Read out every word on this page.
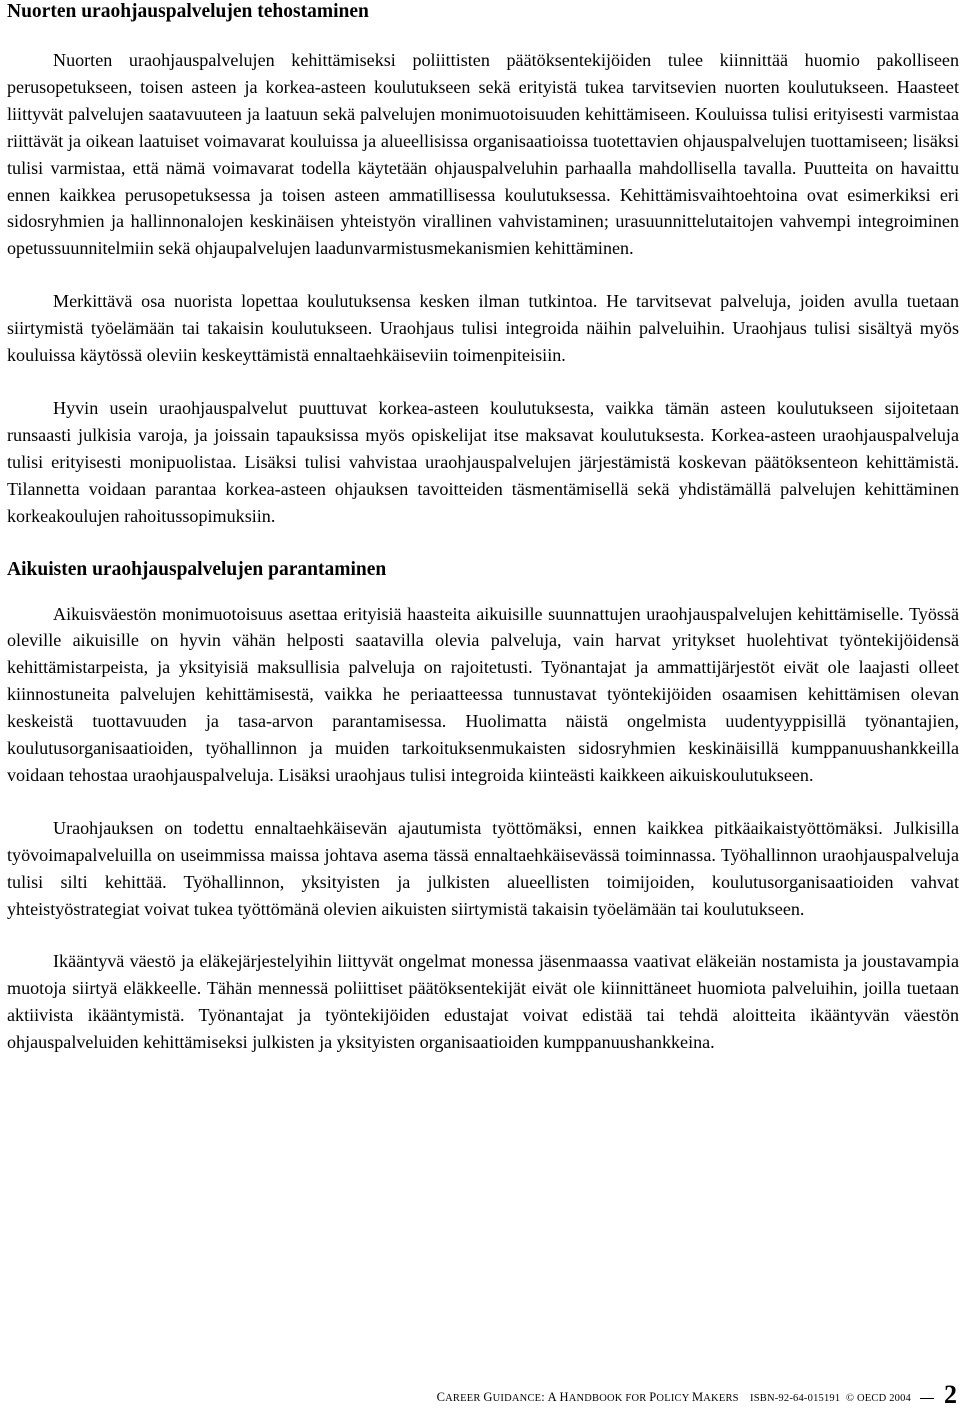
Nuorten uraohjauspalvelujen tehostaminen

Nuorten uraohjauspalvelujen kehittämiseksi poliittisten päätöksentekijöiden tulee kiinnittää huomio pakolliseen perusopetukseen, toisen asteen ja korkea-asteen koulutukseen sekä erityistä tukea tarvitsevien nuorten koulutukseen. Haasteet liittyvät palvelujen saatavuuteen ja laatuun sekä palvelujen monimuotoisuuden kehittämiseen. Kouluissa tulisi erityisesti varmistaa riittävät ja oikean laatuiset voimavarat kouluissa ja alueellisissa organisaatioissa tuotettavien ohjauspalvelujen tuottamiseen; lisäksi tulisi varmistaa, että nämä voimavarat todella käytetään ohjauspalveluhin parhaalla mahdollisella tavalla. Puutteita on havaittu ennen kaikkea perusopetuksessa ja toisen asteen ammatillisessa koulutuksessa. Kehittämisvaihtoehtoina ovat esimerkiksi eri sidosryhmien ja hallinnonalojen keskinäisen yhteistyön virallinen vahvistaminen; urasuunnittelutaitojen vahvempi integroiminen opetussuunnitelmiin sekä ohjaupalvelujen laadunvarmistusmekanismien kehittäminen.

Merkittävä osa nuorista lopettaa koulutuksensa kesken ilman tutkintoa. He tarvitsevat palveluja, joiden avulla tuetaan siirtymistä työelämään tai takaisin koulutukseen. Uraohjaus tulisi integroida näihin palveluihin. Uraohjaus tulisi sisältyä myös kouluissa käytössä oleviin keskeyttämistä ennaltaehkäiseviin toimenpiteisiin.

Hyvin usein uraohjauspalvelut puuttuvat korkea-asteen koulutuksesta, vaikka tämän asteen koulutukseen sijoitetaan runsaasti julkisia varoja, ja joissain tapauksissa myös opiskelijat itse maksavat koulutuksesta. Korkea-asteen uraohjauspalveluja tulisi erityisesti monipuolistaa. Lisäksi tulisi vahvistaa uraohjauspalvelujen järjestämistä koskevan päätöksenteon kehittämistä. Tilannetta voidaan parantaa korkea-asteen ohjauksen tavoitteiden täsmentämisellä sekä yhdistämällä palvelujen kehittäminen korkeakoulujen rahoitussopimuksiin.

Aikuisten uraohjauspalvelujen parantaminen

Aikuisväestön monimuotoisuus asettaa erityisiä haasteita aikuisille suunnattujen uraohjauspalvelujen kehittämiselle. Työssä oleville aikuisille on hyvin vähän helposti saatavilla olevia palveluja, vain harvat yritykset huolehtivat työntekijöidensä kehittämistarpeista, ja yksityisiä maksullisia palveluja on rajoitetusti. Työnantajat ja ammattijärjestöt eivät ole laajasti olleet kiinnostuneita palvelujen kehittämisestä, vaikka he periaatteessa tunnustavat työntekijöiden osaamisen kehittämisen olevan keskeistä tuottavuuden ja tasa-arvon parantamisessa. Huolimatta näistä ongelmista uudentyyppisillä työnantajien, koulutusorganisaatioiden, työhallinnon ja muiden tarkoituksenmukaisten sidosryhmien keskinäisillä kumppanuushankkeilla voidaan tehostaa uraohjauspalveluja. Lisäksi uraohjaus tulisi integroida kiinteästi kaikkeen aikuiskoulutukseen.

Uraohjauksen on todettu ennaltaehkäisevän ajautumista työttömäksi, ennen kaikkea pitkäaikaistyöttömäksi. Julkisilla työvoimapalveluilla on useimmissa maissa johtava asema tässä ennaltaehkäisevässä toiminnassa. Työhallinnon uraohjauspalveluja tulisi silti kehittää. Työhallinnon, yksityisten ja julkisten alueellisten toimijoiden, koulutusorganisaatioiden vahvat yhteistyöstrategiat voivat tukea työttömänä olevien aikuisten siirtymistä takaisin työelämään tai koulutukseen.

Ikääntyvä väestö ja eläkejärjestelyihin liittyvät ongelmat monessa jäsenmaassa vaativat eläkeiän nostamista ja joustavampia muotoja siirtyä eläkkeelle. Tähän mennessä poliittiset päätöksentekijät eivät ole kiinnittäneet huomiota palveluihin, joilla tuetaan aktiivista ikääntymistä. Työnantajat ja työntekijöiden edustajat voivat edistää tai tehdä aloitteita ikääntyvän väestön ohjauspalveluiden kehittämiseksi julkisten ja yksityisten organisaatioiden kumppanuushankkeina.

CAREER GUIDANCE: A HANDBOOK FOR POLICY MAKERS ISBN-92-64-015191 © OECD 2004 2
